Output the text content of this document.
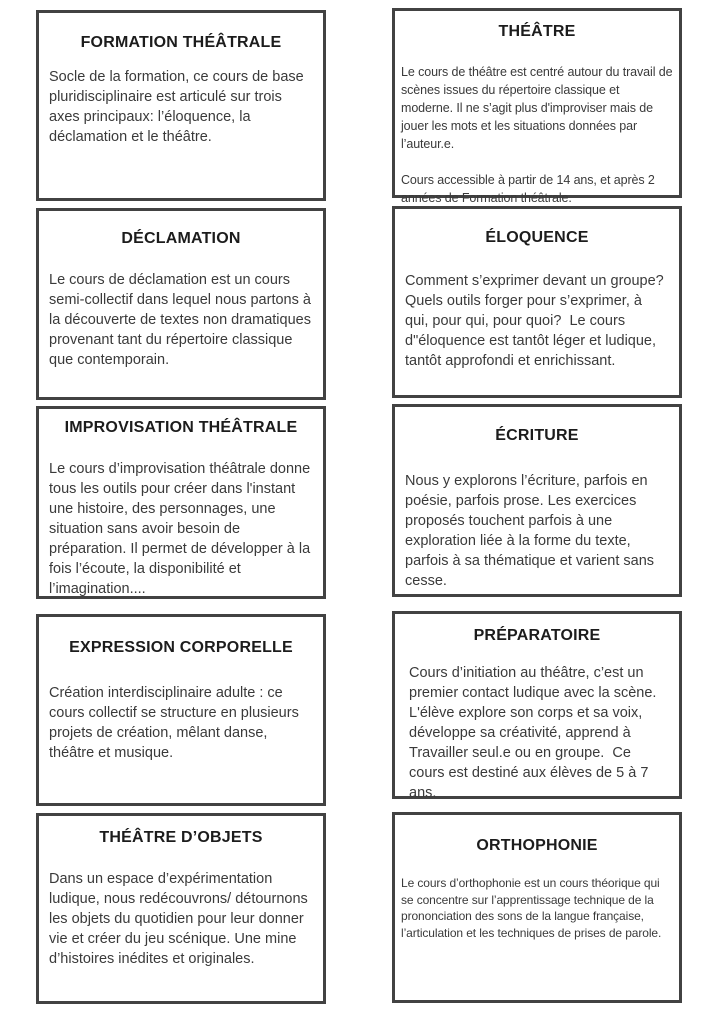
FORMATION THÉÂTRALE

Socle de la formation, ce cours de base pluridisciplinaire est articulé sur trois axes principaux: l’éloquence, la déclamation et le théâtre.

DÉCLAMATION

Le cours de déclamation est un cours semi-collectif dans lequel nous partons à la découverte de textes non dramatiques provenant tant du répertoire classique que contemporain.

IMPROVISATION THÉÂTRALE

Le cours d’improvisation théâtrale donne tous les outils pour créer dans l'instant une histoire, des personnages, une situation sans avoir besoin de préparation. Il permet de développer à la fois l’écoute, la disponibilité et l’imagination....

EXPRESSION CORPORELLE

Création interdisciplinaire adulte : ce cours collectif se structure en plusieurs projets de création, mêlant danse, théâtre et musique.

THÉÂTRE D’OBJETS

Dans un espace d’expérimentation ludique, nous redécouvrons/ détournons les objets du quotidien pour leur donner vie et créer du jeu scénique. Une mine d’histoires inédites et originales.

THÉÂTRE

Le cours de théâtre est centré autour du travail de scènes issues du répertoire classique et moderne. Il ne s’agit plus d'improviser mais de jouer les mots et les situations données par l’auteur.e.

Cours accessible à partir de 14 ans, et après 2 années de Formation théâtrale.

ÉLOQUENCE

Comment s’exprimer devant un groupe? Quels outils forger pour s’exprimer, à qui, pour qui, pour quoi?  Le cours d"éloquence est tantôt léger et ludique, tantôt approfondi et enrichissant.

ÉCRITURE

Nous y explorons l’écriture, parfois en poésie, parfois prose. Les exercices proposés touchent parfois à une exploration liée à la forme du texte, parfois à sa thématique et varient sans cesse.

PRÉPARATOIRE

Cours d’initiation au théâtre, c’est un premier contact ludique avec la scène. L'élève explore son corps et sa voix, développe sa créativité, apprend à Travailler seul.e ou en groupe.  Ce cours est destiné aux élèves de 5 à 7 ans.

ORTHOPHONIE

Le cours d’orthophonie est un cours théorique qui se concentre sur l’apprentissage technique de la prononciation des sons de la langue française, l’articulation et les techniques de prises de parole.
